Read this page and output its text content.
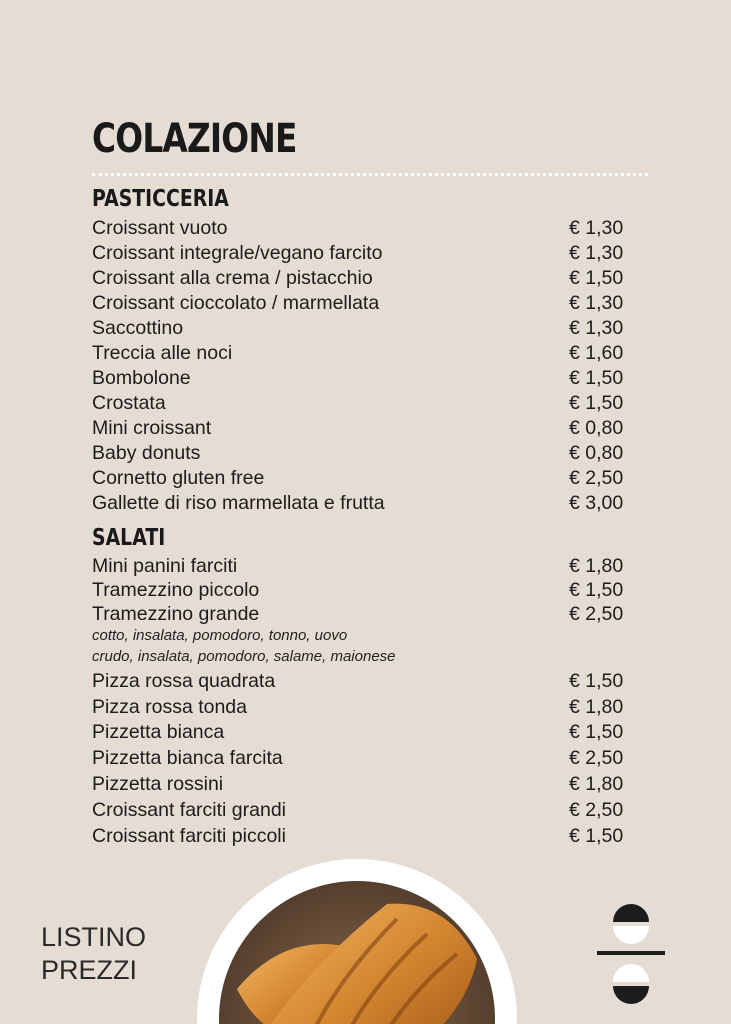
COLAZIONE
PASTICCERIA
Croissant vuoto	€ 1,30
Croissant integrale/vegano farcito	€ 1,30
Croissant alla crema / pistacchio	€ 1,50
Croissant cioccolato / marmellata	€ 1,30
Saccottino	€ 1,30
Treccia alle noci	€ 1,60
Bombolone	€ 1,50
Crostata	€ 1,50
Mini croissant	€ 0,80
Baby donuts	€ 0,80
Cornetto gluten free	€ 2,50
Gallette di riso marmellata e frutta	€ 3,00
SALATI
Mini panini farciti	€ 1,80
Tramezzino piccolo	€ 1,50
Tramezzino grande	€ 2,50
cotto, insalata, pomodoro, tonno, uovo
crudo, insalata, pomodoro, salame, maionese
Pizza rossa quadrata	€ 1,50
Pizza rossa tonda	€ 1,80
Pizzetta bianca	€ 1,50
Pizzetta bianca farcita	€ 2,50
Pizzetta rossini	€ 1,80
Croissant farciti grandi	€ 2,50
Croissant farciti piccoli	€ 1,50
LISTINO
PREZZI
